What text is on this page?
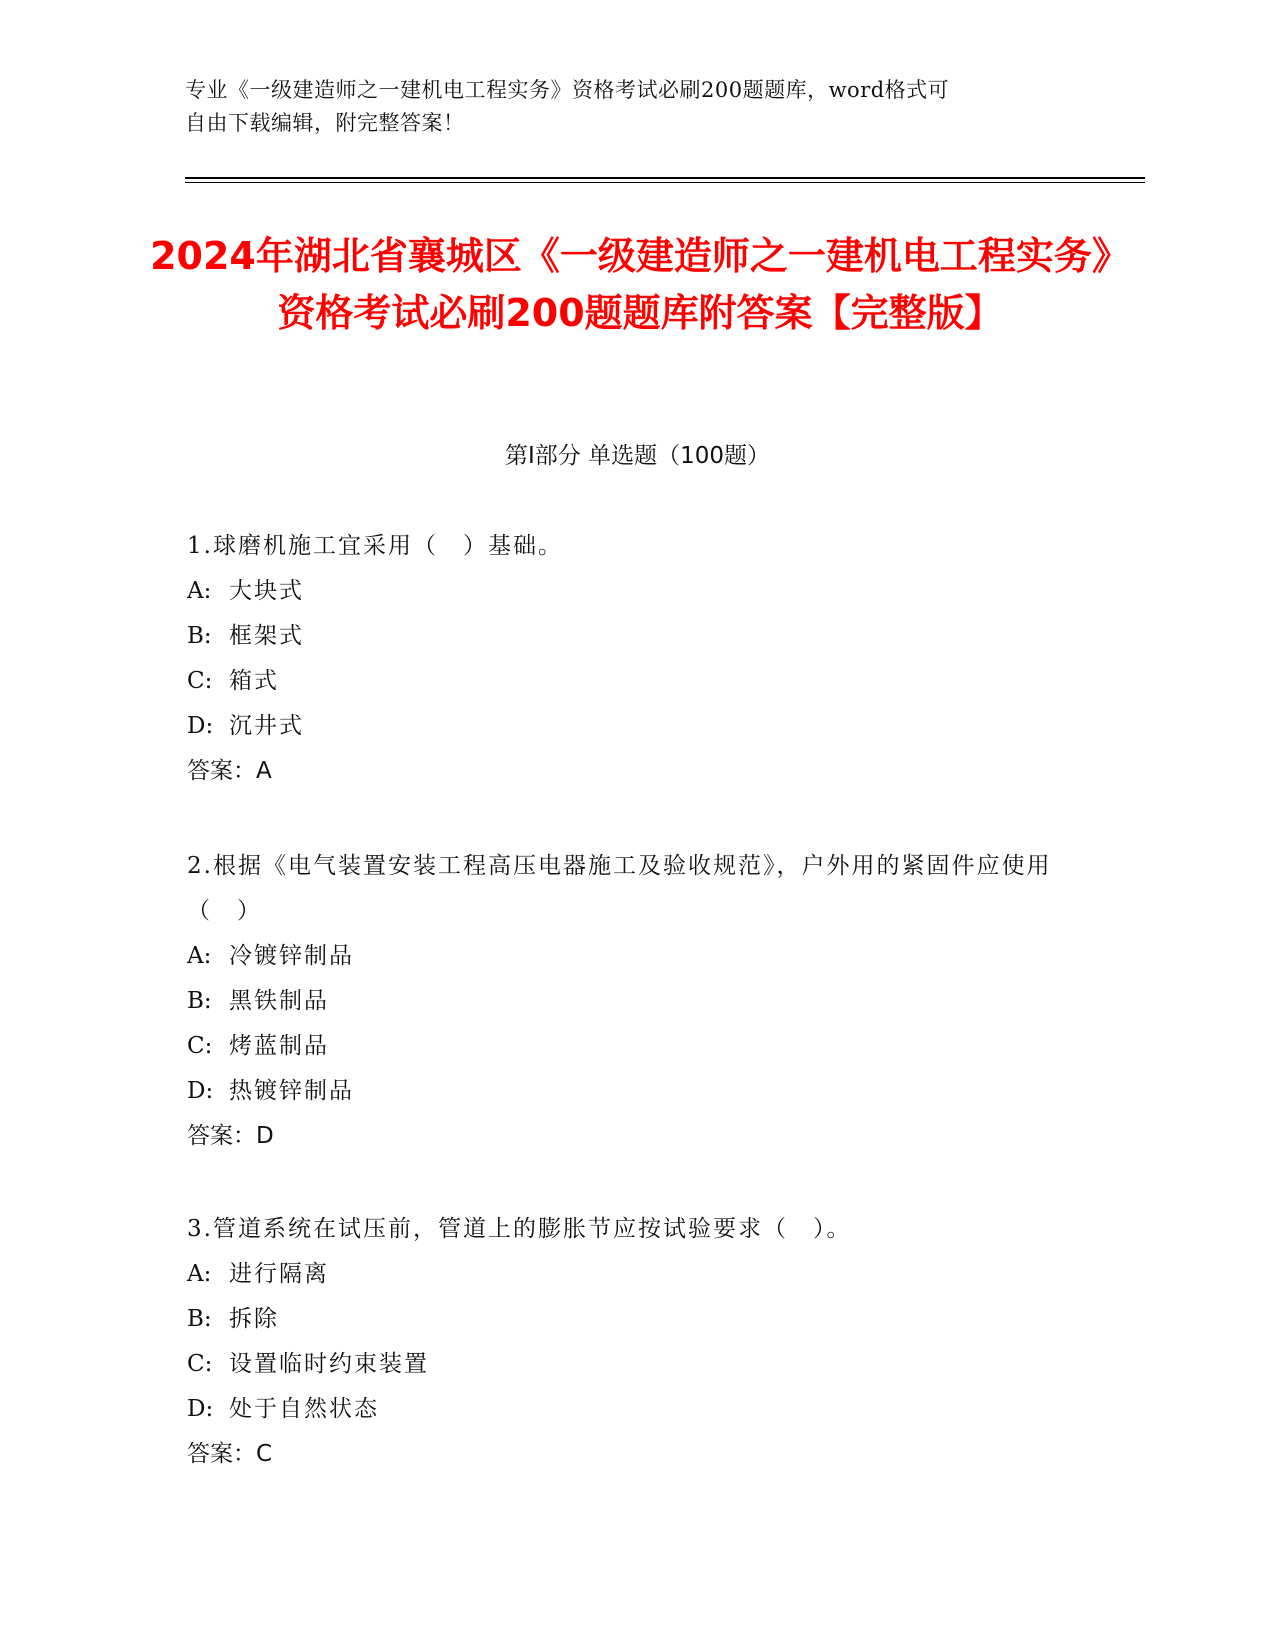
专业《一级建造师之一建机电工程实务》资格考试必刷200题题库，word格式可

自由下载编辑，附完整答案！

2024年湖北省襄城区《一级建造师之一建机电工程实务》资格考试必刷200题题库附答案【完整版】
第I部分 单选题（100题）

1.球磨机施工宜采用（　）基础。

A: 大块式

B: 框架式

C: 箱式

D: 沉井式

答案：A

2.根据《电气装置安装工程高压电器施工及验收规范》，户外用的紧固件应使用（　）

A: 冷镀锌制品

B: 黑铁制品

C: 烤蓝制品

D: 热镀锌制品

答案：D

3.管道系统在试压前，管道上的膨胀节应按试验要求（　）。

A: 进行隔离

B: 拆除

C: 设置临时约束装置

D: 处于自然状态

答案：C
